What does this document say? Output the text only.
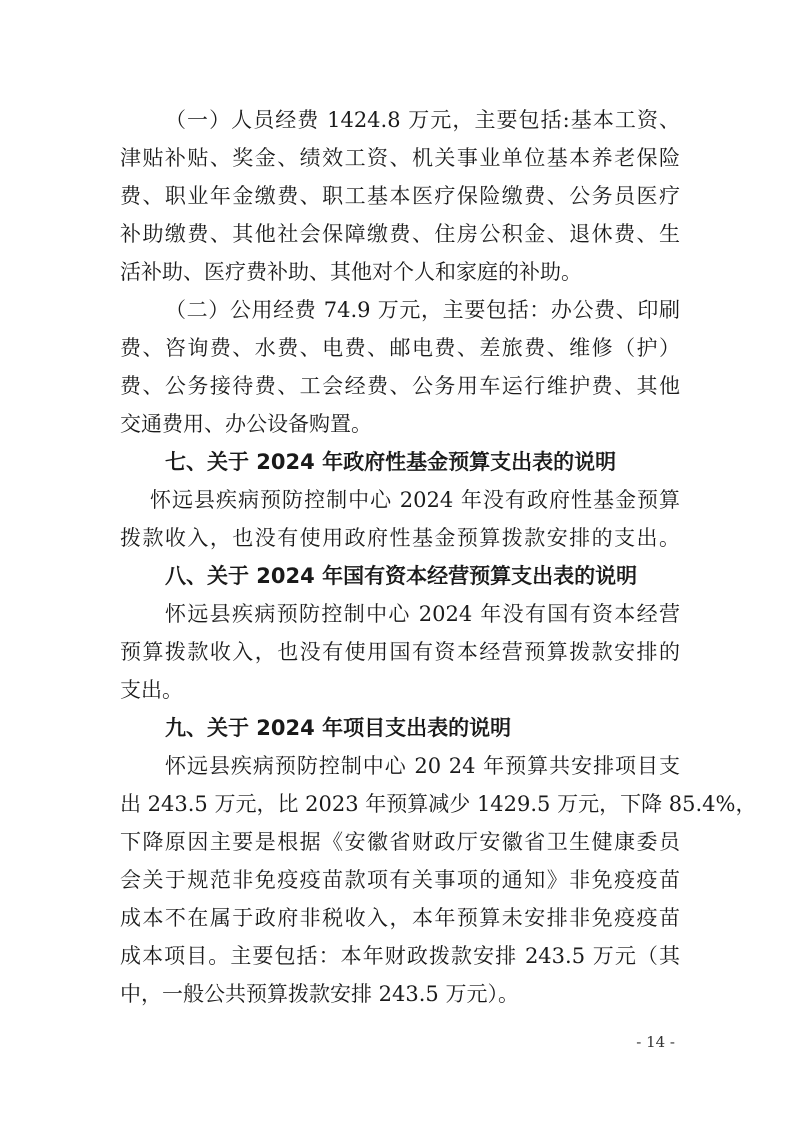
（一）人员经费 1424.8 万元，主要包括:基本工资、
津贴补贴、奖金、绩效工资、机关事业单位基本养老保险
费、职业年金缴费、职工基本医疗保险缴费、公务员医疗
补助缴费、其他社会保障缴费、住房公积金、退休费、生
活补助、医疗费补助、其他对个人和家庭的补助。
（二）公用经费 74.9 万元，主要包括：办公费、印刷
费、咨询费、水费、电费、邮电费、差旅费、维修（护）
费、公务接待费、工会经费、公务用车运行维护费、其他
交通费用、办公设备购置。
七、关于 2024 年政府性基金预算支出表的说明
怀远县疾病预防控制中心 2024 年没有政府性基金预算
拨款收入，也没有使用政府性基金预算拨款安排的支出。
八、关于 2024 年国有资本经营预算支出表的说明
怀远县疾病预防控制中心 2024 年没有国有资本经营
预算拨款收入，也没有使用国有资本经营预算拨款安排的
支出。
九、关于 2024 年项目支出表的说明
怀远县疾病预防控制中心 20 24 年预算共安排项目支
出 243.5 万元，比 2023 年预算减少 1429.5 万元，下降 85.4%，
下降原因主要是根据《安徽省财政厅安徽省卫生健康委员
会关于规范非免疫疫苗款项有关事项的通知》非免疫疫苗
成本不在属于政府非税收入，本年预算未安排非免疫疫苗
成本项目。主要包括：本年财政拨款安排 243.5 万元（其
中，一般公共预算拨款安排 243.5 万元）。
- 14 -
